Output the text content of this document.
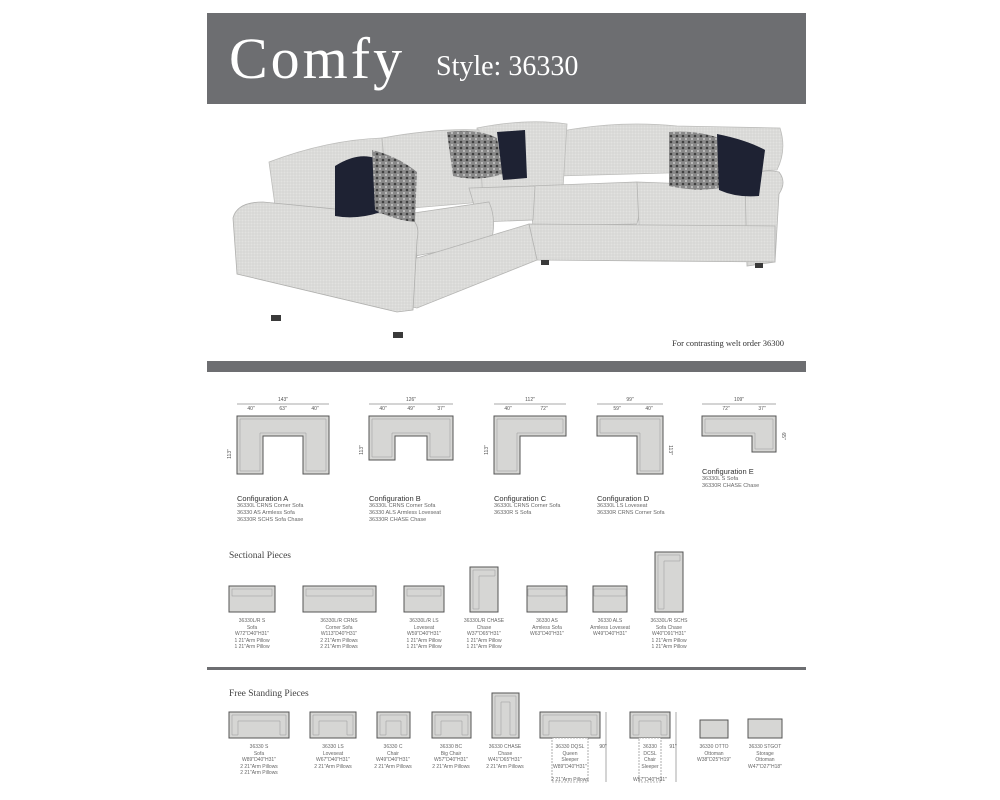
Comfy Style: 36330
For contrasting welt order 36300
143"
40"	63"	40"
113"
Configuration A
36330L CRNS Corner Sofa
36330 AS Armless Sofa
36330R SCHS Sofa Chase
126"
40"	49"	37"
113"
Configuration B
36330L CRNS Corner Sofa
36330 ALS Armless Loveseat
36330R CHASE Chase
112"
40"	72"
113"
Configuration C
36330L CRNS Corner Sofa
36330R S Sofa
99"
59"	40"
113"
Configuration D
36330L LS Loveseat
36330R CRNS Corner Sofa
109"
72"	37"
65"
Configuration E
36330L S Sofa
36330R CHASE Chase
Sectional Pieces
36330L/R S
Sofa
W72"D40"H31"
1 21"Arm Pillow
1 21"Arm Pillow
36330L/R CRNS
Corner Sofa
W113"D40"H31"
2 21"Arm Pillows
2 21"Arm Pillows
36330L/R LS
Loveseat
W59"D40"H31"
1 21"Arm Pillow
1 21"Arm Pillow
36330L/R CHASE
Chase
W37"D65"H31"
1 21"Arm Pillow
1 21"Arm Pillow
36330 AS
Armless Sofa
W63"D40"H31"
36330 ALS
Armless Loveseat
W49"D40"H31"
36330L/R SCHS
Sofa Chase
W40"D91"H31"
1 21"Arm Pillow
1 21"Arm Pillow
Free Standing Pieces
36330 S
Sofa
W89"D40"H31"
2 21"Arm Pillows
2 21"Arm Pillows
36330 LS
Loveseat
W67"D40"H31"
2 21"Arm Pillows
36330 C
Chair
W49"D40"H31"
2 21"Arm Pillows
36330 BC
Big Chair
W57"D40"H31"
2 21"Arm Pillows
36330 CHASE
Chase
W41"D65"H31"
2 21"Arm Pillows
90"
36330 DQSL
Queen
Sleeper
W89"D40"H31"

2 21"Arm Pillows
91"
36330
DCSL
Chair
Sleeper

W57"D40"H31"
36330 OTTO
Ottoman
W38"D25"H19"
36330 STGOT
Storage
Ottoman
W47"D27"H18"
